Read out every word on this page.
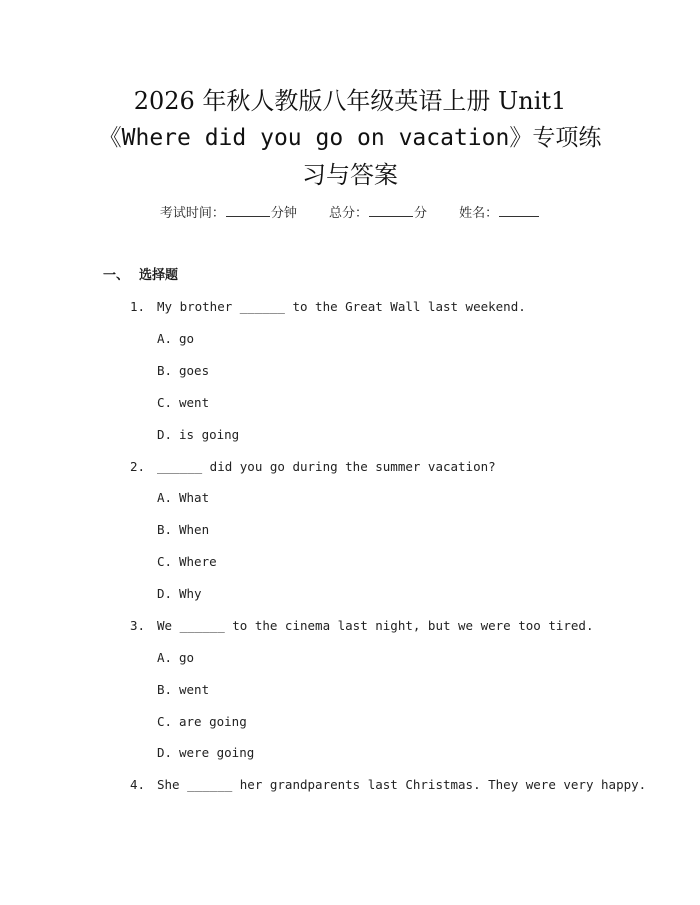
2026 年秋人教版八年级英语上册 Unit1
《Where did you go on vacation》专项练
习与答案
考试时间：	分钟 总分：	分 姓名：
一、 选择题
1. My brother ______ to the Great Wall last weekend.
A. go
B. goes
C. went
D. is going
2. ______ did you go during the summer vacation?
A. What
B. When
C. Where
D. Why
3. We ______ to the cinema last night, but we were too tired.
A. go
B. went
C. are going
D. were going
4. She ______ her grandparents last Christmas. They were very happy.
